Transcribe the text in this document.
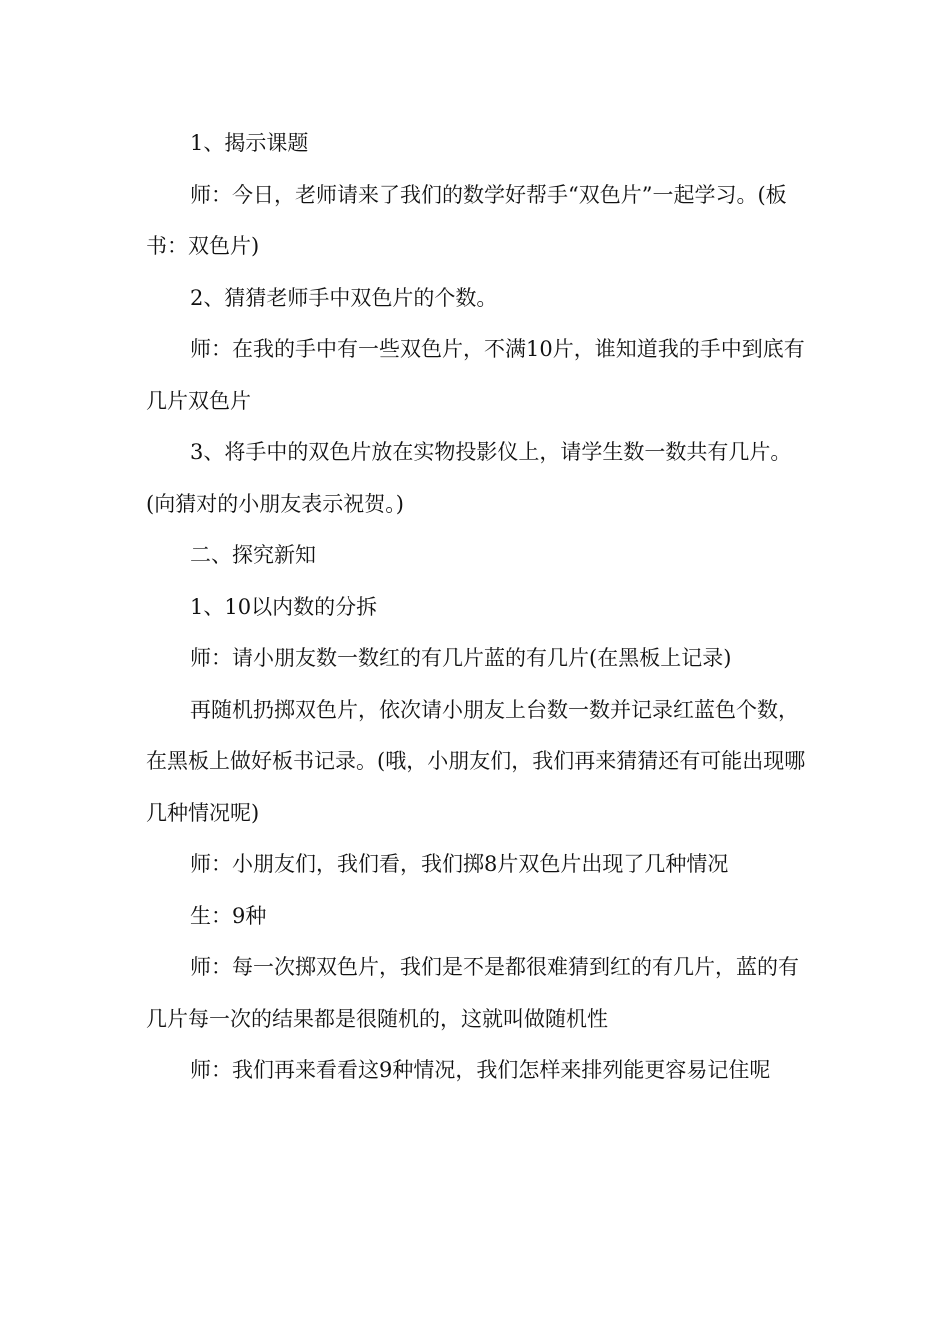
1、揭示课题

师：今日，老师请来了我们的数学好帮手“双色片”一起学习。(板书：双色片)

2、猜猜老师手中双色片的个数。

师：在我的手中有一些双色片，不满10片，谁知道我的手中到底有几片双色片

3、将手中的双色片放在实物投影仪上，请学生数一数共有几片。(向猜对的小朋友表示祝贺。)

二、探究新知

1、10以内数的分拆

师：请小朋友数一数红的有几片蓝的有几片(在黑板上记录)

再随机扔掷双色片，依次请小朋友上台数一数并记录红蓝色个数，在黑板上做好板书记录。(哦，小朋友们，我们再来猜猜还有可能出现哪几种情况呢)

师：小朋友们，我们看，我们掷8片双色片出现了几种情况

生：9种

师：每一次掷双色片，我们是不是都很难猜到红的有几片，蓝的有几片每一次的结果都是很随机的，这就叫做随机性

师：我们再来看看这9种情况，我们怎样来排列能更容易记住呢
